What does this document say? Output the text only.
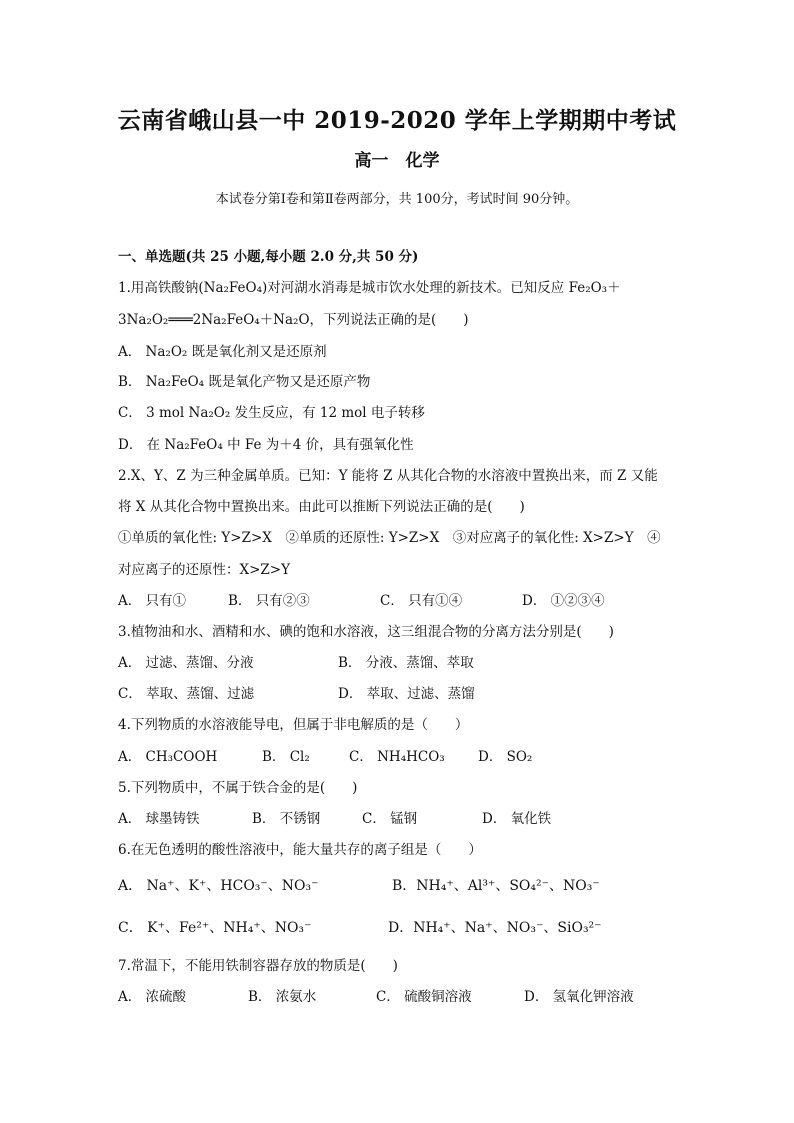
云南省峨山县一中 2019-2020 学年上学期期中考试
高一　化学
本试卷分第Ⅰ卷和第Ⅱ卷两部分，共 100分，考试时间 90分钟。
一、单选题(共 25 小题,每小题 2.0 分,共 50 分)
1.用高铁酸钠(Na₂FeO₄)对河湖水消毒是城市饮水处理的新技术。已知反应 Fe₂O₃＋
3Na₂O₂═══2Na₂FeO₄＋Na₂O，下列说法正确的是(　　)
A． Na₂O₂ 既是氧化剂又是还原剂
B． Na₂FeO₄ 既是氧化产物又是还原产物
C． 3 mol Na₂O₂ 发生反应，有 12 mol 电子转移
D． 在 Na₂FeO₄ 中 Fe 为＋4 价，具有强氧化性
2.X、Y、Z 为三种金属单质。已知：Y 能将 Z 从其化合物的水溶液中置换出来，而 Z 又能
将 X 从其化合物中置换出来。由此可以推断下列说法正确的是(　　)
①单质的氧化性: Y>Z>X　②单质的还原性: Y>Z>X　③对应离子的氧化性: X>Z>Y　④
对应离子的还原性：X>Z>Y
A． 只有①	B． 只有②③	C． 只有①④	D． ①②③④
3.植物油和水、酒精和水、碘的饱和水溶液，这三组混合物的分离方法分别是(　　)
A． 过滤、蒸馏、分液	B． 分液、蒸馏、萃取
C． 萃取、蒸馏、过滤	D． 萃取、过滤、蒸馏
4.下列物质的水溶液能导电，但属于非电解质的是（　　）
A． CH₃COOH	B． Cl₂	C． NH₄HCO₃ D． SO₂
5.下列物质中，不属于铁合金的是(　　)
A． 球墨铸铁	B． 不锈钢	C． 锰钢	D． 氧化铁
6.在无色透明的酸性溶液中，能大量共存的离子组是（　　）
A． Na⁺、K⁺、HCO₃⁻、NO₃⁻	B．NH₄⁺、Al³⁺、SO₄²⁻、NO₃⁻
C． K⁺、Fe²⁺、NH₄⁺、NO₃⁻	D．NH₄⁺、Na⁺、NO₃⁻、SiO₃²⁻
7.常温下，不能用铁制容器存放的物质是(　　)
A． 浓硫酸	B． 浓氨水	C． 硫酸铜溶液	D． 氢氧化钾溶液
